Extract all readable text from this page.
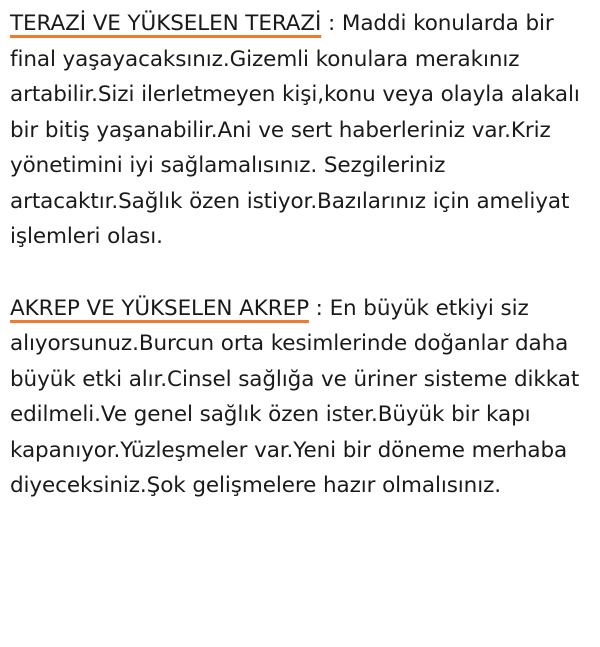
TERAZİ VE YÜKSELEN TERAZİ : Maddi konularda bir final yaşayacaksınız.Gizemli konulara merakınız artabilir.Sizi ilerletmeyen kişi,konu veya olayla alakalı bir bitiş yaşanabilir.Ani ve sert haberleriniz var.Kriz yönetimini iyi sağlamalısınız. Sezgileriniz artacaktır.Sağlık özen istiyor.Bazılarınız için ameliyat işlemleri olası.

AKREP VE YÜKSELEN AKREP : En büyük etkiyi siz alıyorsunuz.Burcun orta kesimlerinde doğanlar daha büyük etki alır.Cinsel sağlığa ve üriner sisteme dikkat edilmeli.Ve genel sağlık özen ister.Büyük bir kapı kapanıyor.Yüzleşmeler var.Yeni bir döneme merhaba diyeceksiniz.Şok gelişmelere hazır olmalısınız.
